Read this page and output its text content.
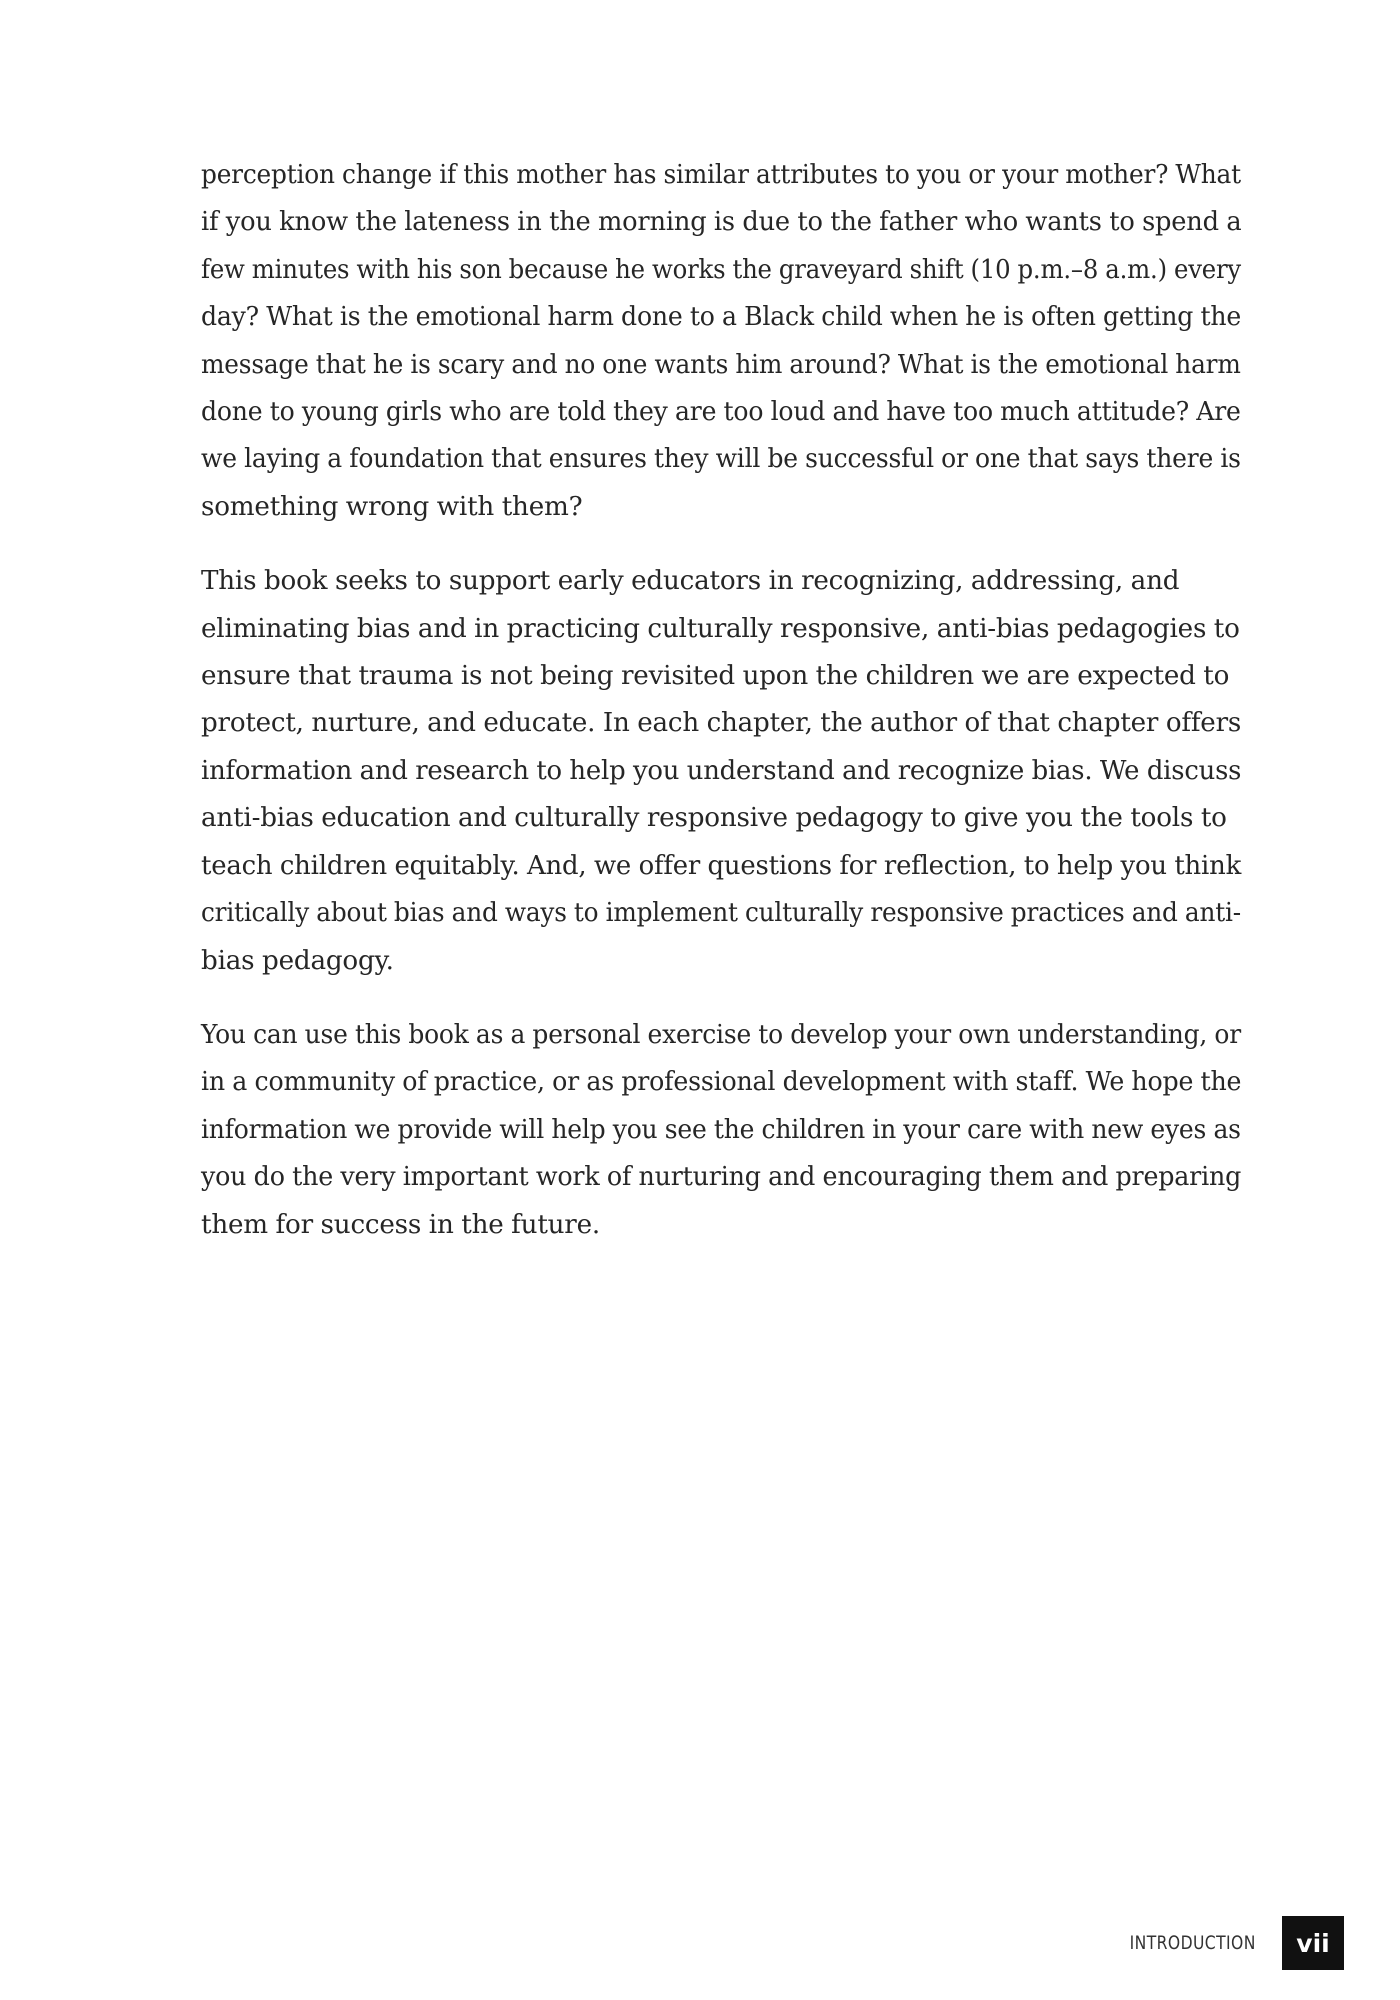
perception change if this mother has similar attributes to you or your mother? What
if you know the lateness in the morning is due to the father who wants to spend a
few minutes with his son because he works the graveyard shift (10 p.m.–8 a.m.) every
day? What is the emotional harm done to a Black child when he is often getting the
message that he is scary and no one wants him around? What is the emotional harm
done to young girls who are told they are too loud and have too much attitude? Are
we laying a foundation that ensures they will be successful or one that says there is
something wrong with them?

This book seeks to support early educators in recognizing, addressing, and
eliminating bias and in practicing culturally responsive, anti-bias pedagogies to
ensure that trauma is not being revisited upon the children we are expected to
protect, nurture, and educate. In each chapter, the author of that chapter offers
information and research to help you understand and recognize bias. We discuss
anti-bias education and culturally responsive pedagogy to give you the tools to
teach children equitably. And, we offer questions for reflection, to help you think
critically about bias and ways to implement culturally responsive practices and anti-
bias pedagogy.

You can use this book as a personal exercise to develop your own understanding, or
in a community of practice, or as professional development with staff. We hope the
information we provide will help you see the children in your care with new eyes as
you do the very important work of nurturing and encouraging them and preparing
them for success in the future.

INTRODUCTION	vii
